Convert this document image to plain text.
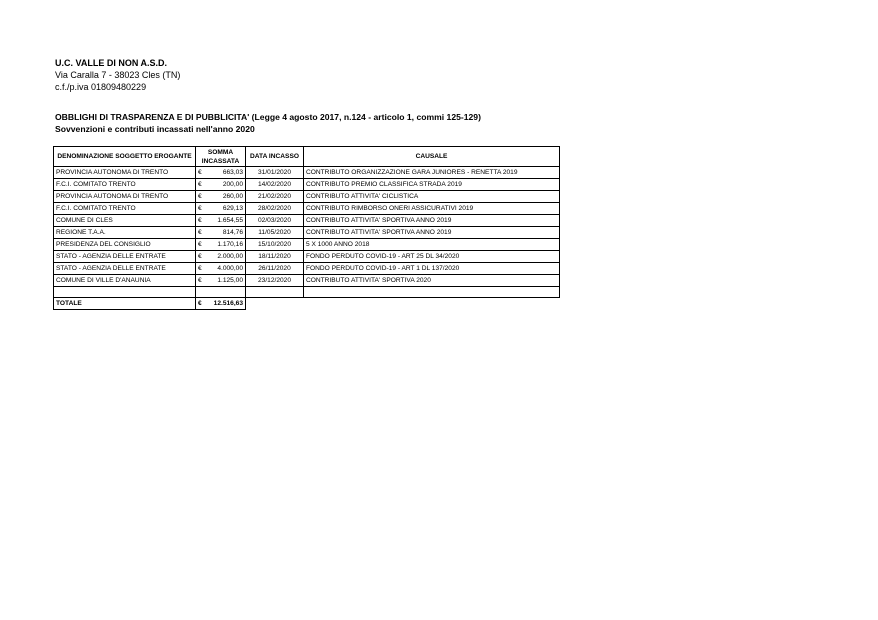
U.C. VALLE DI NON A.S.D.
Via Caralla 7 - 38023 Cles (TN)
c.f./p.iva 01809480229
OBBLIGHI DI TRASPARENZA E DI PUBBLICITA' (Legge 4 agosto 2017, n.124 - articolo 1, commi 125-129)
Sovvenzioni e contributi incassati nell'anno 2020
DENOMINAZIONE SOGGETTO EROGANTE	SOMMA INCASSATA	DATA INCASSO	CAUSALE
PROVINCIA AUTONOMA DI TRENTO	€ 663,03	31/01/2020	CONTRIBUTO ORGANIZZAZIONE GARA JUNIORES - RENETTA 2019
F.C.I. COMITATO TRENTO	€ 200,00	14/02/2020	CONTRIBUTO PREMIO CLASSIFICA STRADA 2019
PROVINCIA AUTONOMA DI TRENTO	€ 260,00	21/02/2020	CONTRIBUTO ATTIVITA' CICLISTICA
F.C.I. COMITATO TRENTO	€ 629,13	28/02/2020	CONTRIBUTO RIMBORSO ONERI ASSICURATIVI 2019
COMUNE DI CLES	€ 1.654,55	02/03/2020	CONTRIBUTO ATTIVITA' SPORTIVA ANNO 2019
REGIONE T.A.A.	€ 814,76	11/05/2020	CONTRIBUTO ATTIVITA' SPORTIVA ANNO 2019
PRESIDENZA DEL CONSIGLIO	€ 1.170,16	15/10/2020	5 X 1000 ANNO 2018
STATO - AGENZIA DELLE ENTRATE	€ 2.000,00	18/11/2020	FONDO PERDUTO COVID-19 - ART 25 DL 34/2020
STATO - AGENZIA DELLE ENTRATE	€ 4.000,00	26/11/2020	FONDO PERDUTO COVID-19 - ART 1 DL 137/2020
COMUNE DI VILLE D'ANAUNIA	€ 1.125,00	23/12/2020	CONTRIBUTO ATTIVITA' SPORTIVA 2020

TOTALE	€ 12.516,63		
